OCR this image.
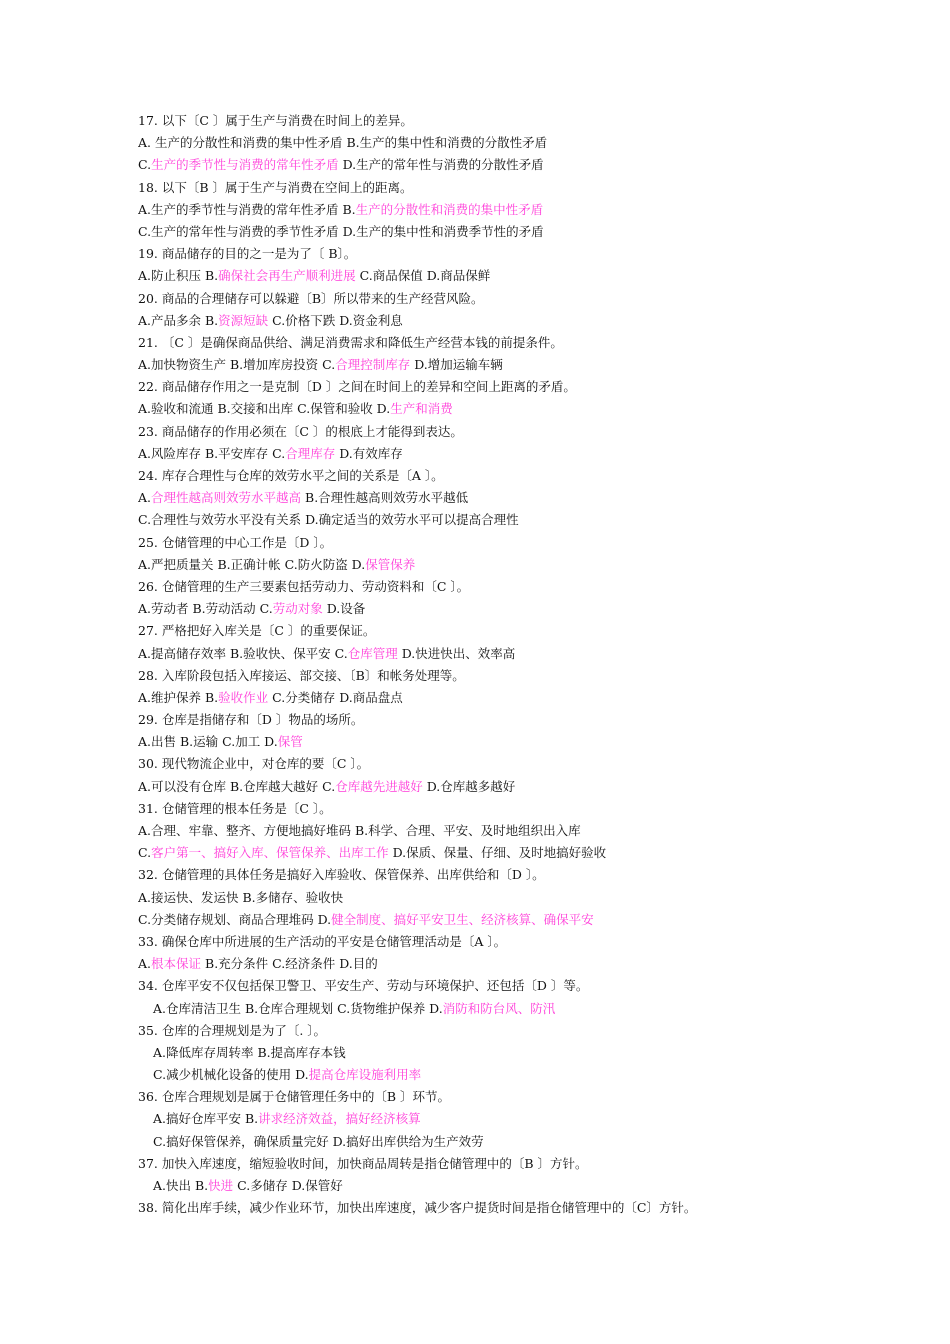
17. 以下〔C 〕属于生产与消费在时间上的差异。
A. 生产的分散性和消费的集中性矛盾 B.生产的集中性和消费的分散性矛盾
C.生产的季节性与消费的常年性矛盾 D.生产的常年性与消费的分散性矛盾
18. 以下〔B 〕属于生产与消费在空间上的距离。
A.生产的季节性与消费的常年性矛盾 B.生产的分散性和消费的集中性矛盾
C.生产的常年性与消费的季节性矛盾 D.生产的集中性和消费季节性的矛盾
19. 商品储存的目的之一是为了〔 B〕。
A.防止积压 B.确保社会再生产顺利进展 C.商品保值 D.商品保鲜
20. 商品的合理储存可以躲避〔B〕所以带来的生产经营风险。
A.产品多余 B.资源短缺 C.价格下跌 D.资金利息
21. 〔C 〕是确保商品供给、满足消费需求和降低生产经营本钱的前提条件。
A.加快物资生产 B.增加库房投资 C.合理控制库存 D.增加运输车辆
22. 商品储存作用之一是克制〔D 〕之间在时间上的差异和空间上距离的矛盾。
A.验收和流通 B.交接和出库 C.保管和验收 D.生产和消费
23. 商品储存的作用必须在〔C 〕的根底上才能得到表达。
A.风险库存 B.平安库存 C.合理库存 D.有效库存
24. 库存合理性与仓库的效劳水平之间的关系是〔A 〕。
A.合理性越高则效劳水平越高 B.合理性越高则效劳水平越低
C.合理性与效劳水平没有关系 D.确定适当的效劳水平可以提高合理性
25. 仓储管理的中心工作是〔D 〕。
A.严把质量关 B.正确计帐 C.防火防盗 D.保管保养
26. 仓储管理的生产三要素包括劳动力、劳动资料和〔C 〕。
A.劳动者 B.劳动活动 C.劳动对象 D.设备
27. 严格把好入库关是〔C 〕的重要保证。
A.提高储存效率 B.验收快、保平安 C.仓库管理 D.快进快出、效率高
28. 入库阶段包括入库接运、部交接、〔B〕和帐务处理等。
A.维护保养 B.验收作业 C.分类储存 D.商品盘点
29. 仓库是指储存和〔D 〕物品的场所。
A.出售 B.运输 C.加工 D.保管
30. 现代物流企业中，对仓库的要〔C 〕。
A.可以没有仓库 B.仓库越大越好 C.仓库越先进越好 D.仓库越多越好
31. 仓储管理的根本任务是〔C 〕。
A.合理、牢靠、整齐、方便地搞好堆码 B.科学、合理、平安、及时地组织出入库
C.客户第一、搞好入库、保管保养、出库工作 D.保质、保量、仔细、及时地搞好验收
32. 仓储管理的具体任务是搞好入库验收、保管保养、出库供给和〔D 〕。
A.接运快、发运快 B.多储存、验收快
C.分类储存规划、商品合理堆码 D.健全制度、搞好平安卫生、经济核算、确保平安
33. 确保仓库中所进展的生产活动的平安是仓储管理活动是〔A 〕。
A.根本保证 B.充分条件 C.经济条件 D.目的
34. 仓库平安不仅包括保卫警卫、平安生产、劳动与环境保护、还包括〔D 〕等。
A.仓库清洁卫生 B.仓库合理规划 C.货物维护保养 D.消防和防台风、防汛
35. 仓库的合理规划是为了〔. 〕。
A.降低库存周转率 B.提高库存本钱
C.减少机械化设备的使用 D.提高仓库设施利用率
36. 仓库合理规划是属于仓储管理任务中的〔B 〕环节。
A.搞好仓库平安 B.讲求经济效益，搞好经济核算
C.搞好保管保养，确保质量完好 D.搞好出库供给为生产效劳
37. 加快入库速度，缩短验收时间，加快商品周转是指仓储管理中的〔B 〕方针。
A.快出 B.快进 C.多储存 D.保管好
38. 简化出库手续，减少作业环节，加快出库速度，减少客户提货时间是指仓储管理中的〔C〕方针。
